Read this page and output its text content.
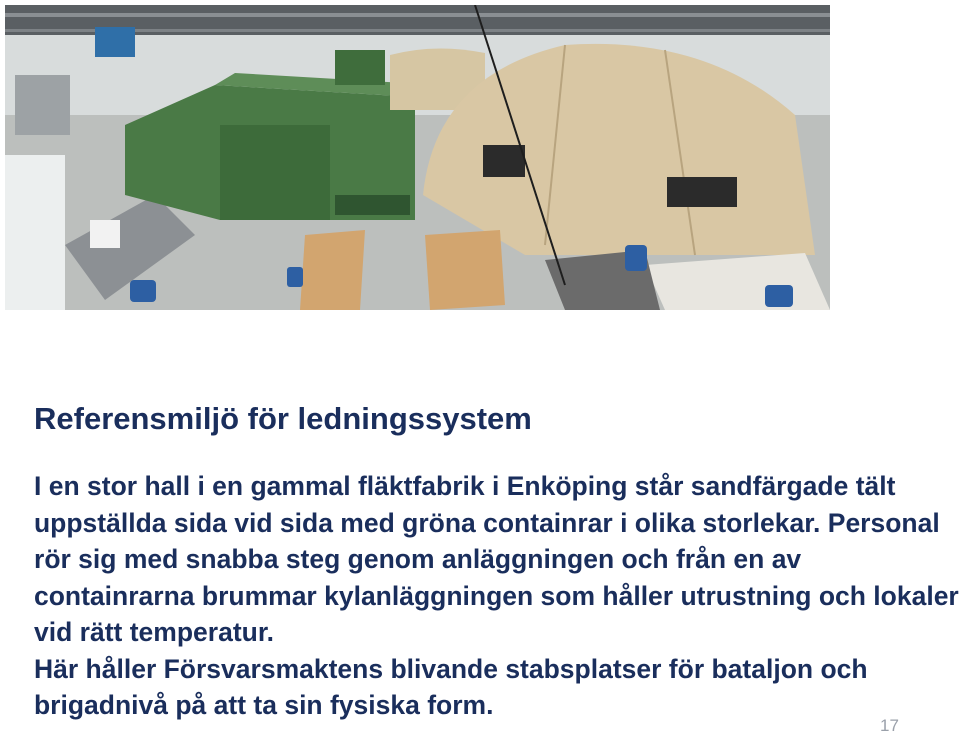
Referensmiljö för ledningssystem

I en stor hall i en gammal fläktfabrik i Enköping står sandfärgade tält uppställda sida vid sida med gröna containrar i olika storlekar. Personal rör sig med snabba steg genom anläggningen och från en av containrarna brummar kylanläggningen som håller utrustning och lokaler vid rätt temperatur.

Här håller Försvarsmaktens blivande stabsplatser för bataljon och brigadnivå på att ta sin fysiska form.

17
